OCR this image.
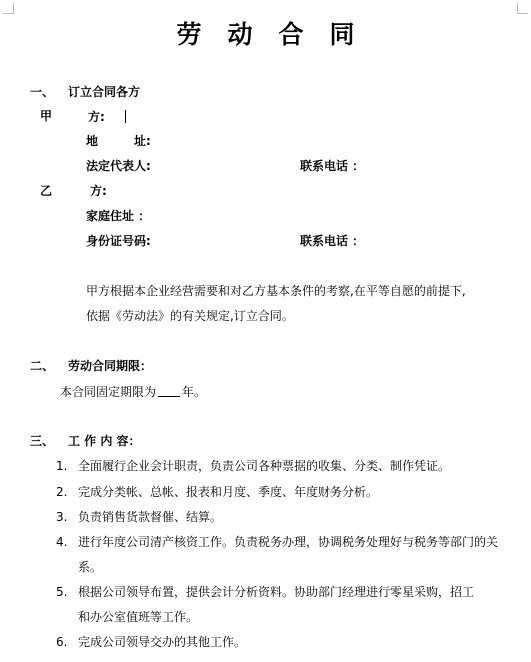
劳 动 合 同
一、 订立合同各方
甲	方:
地	址:
法定代表人:	联系电话 ：
乙	方:
家庭住址 ：
身份证号码:	联系电话 ：
甲方根据本企业经营需要和对乙方基本条件的考察,在平等自愿的前提下,
依据《劳动法》的有关规定,订立合同。
二、 劳动合同期限：
本合同固定期限为 年。
三、 工 作 内 容：
1. 全面履行企业会计职责，负责公司各种票据的收集、分类、制作凭证。
2. 完成分类帐、总帐、报表和月度、季度、年度财务分析。
3. 负责销售货款督催、结算。
4. 进行年度公司清产核资工作。负责税务办理，协调税务处理好与税务等部门的关
系。
5. 根据公司领导布置，提供会计分析资料。协助部门经理进行零星采购，招工
和办公室值班等工作。
6. 完成公司领导交办的其他工作。
